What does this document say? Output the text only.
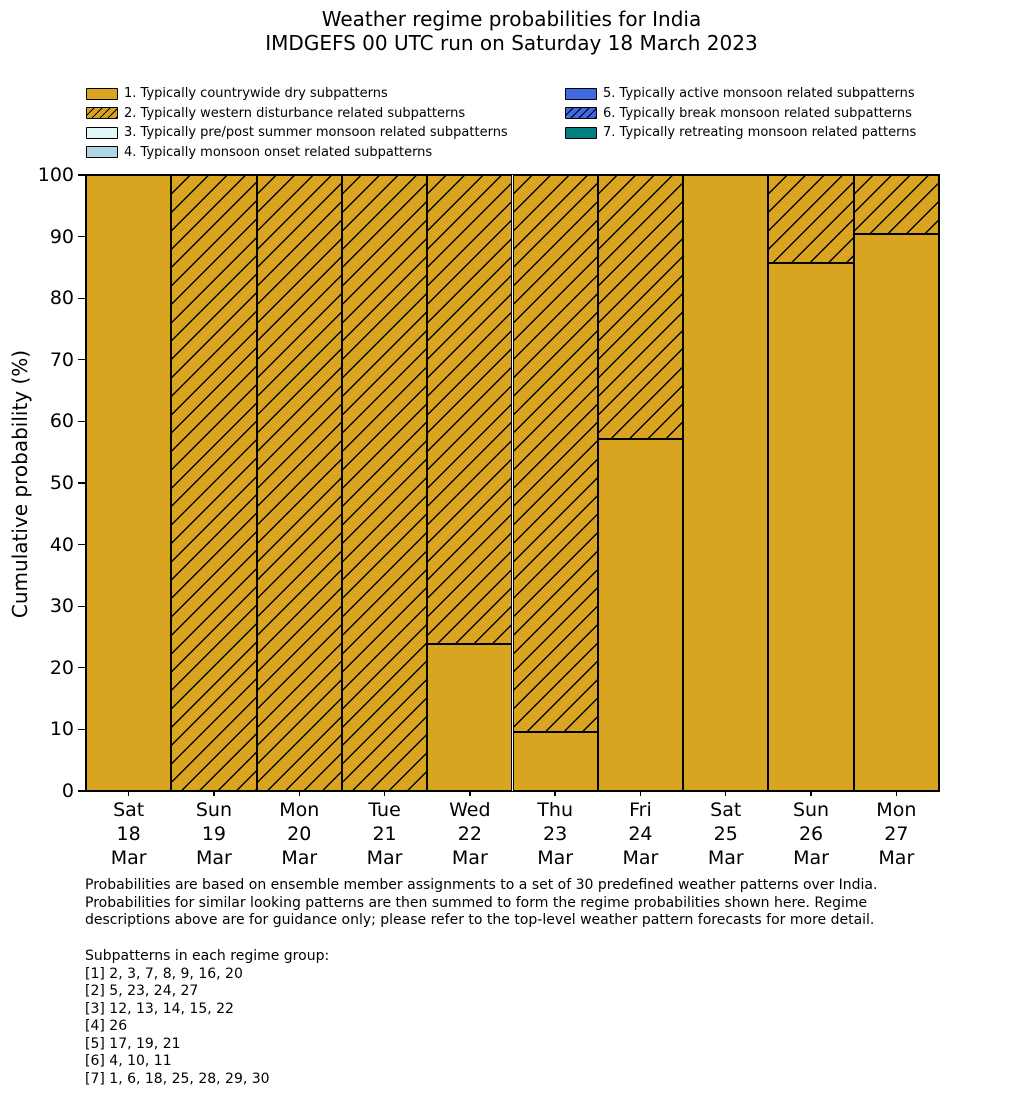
Weather regime probabilities for India
IMDGEFS 00 UTC run on Saturday 18 March 2023
1. Typically countrywide dry subpatterns
2. Typically western disturbance related subpatterns
3. Typically pre/post summer monsoon related subpatterns
4. Typically monsoon onset related subpatterns
5. Typically active monsoon related subpatterns
6. Typically break monsoon related subpatterns
7. Typically retreating monsoon related patterns
Cumulative probability (%)
0
10
20
30
40
50
60
70
80
90
100
Sat
18
Mar
Sun
19
Mar
Mon
20
Mar
Tue
21
Mar
Wed
22
Mar
Thu
23
Mar
Fri
24
Mar
Sat
25
Mar
Sun
26
Mar
Mon
27
Mar
Probabilities are based on ensemble member assignments to a set of 30 predefined weather patterns over India.
Probabilities for similar looking patterns are then summed to form the regime probabilities shown here. Regime
descriptions above are for guidance only; please refer to the top-level weather pattern forecasts for more detail.
Subpatterns in each regime group:
[1] 2, 3, 7, 8, 9, 16, 20
[2] 5, 23, 24, 27
[3] 12, 13, 14, 15, 22
[4] 26
[5] 17, 19, 21
[6] 4, 10, 11
[7] 1, 6, 18, 25, 28, 29, 30
